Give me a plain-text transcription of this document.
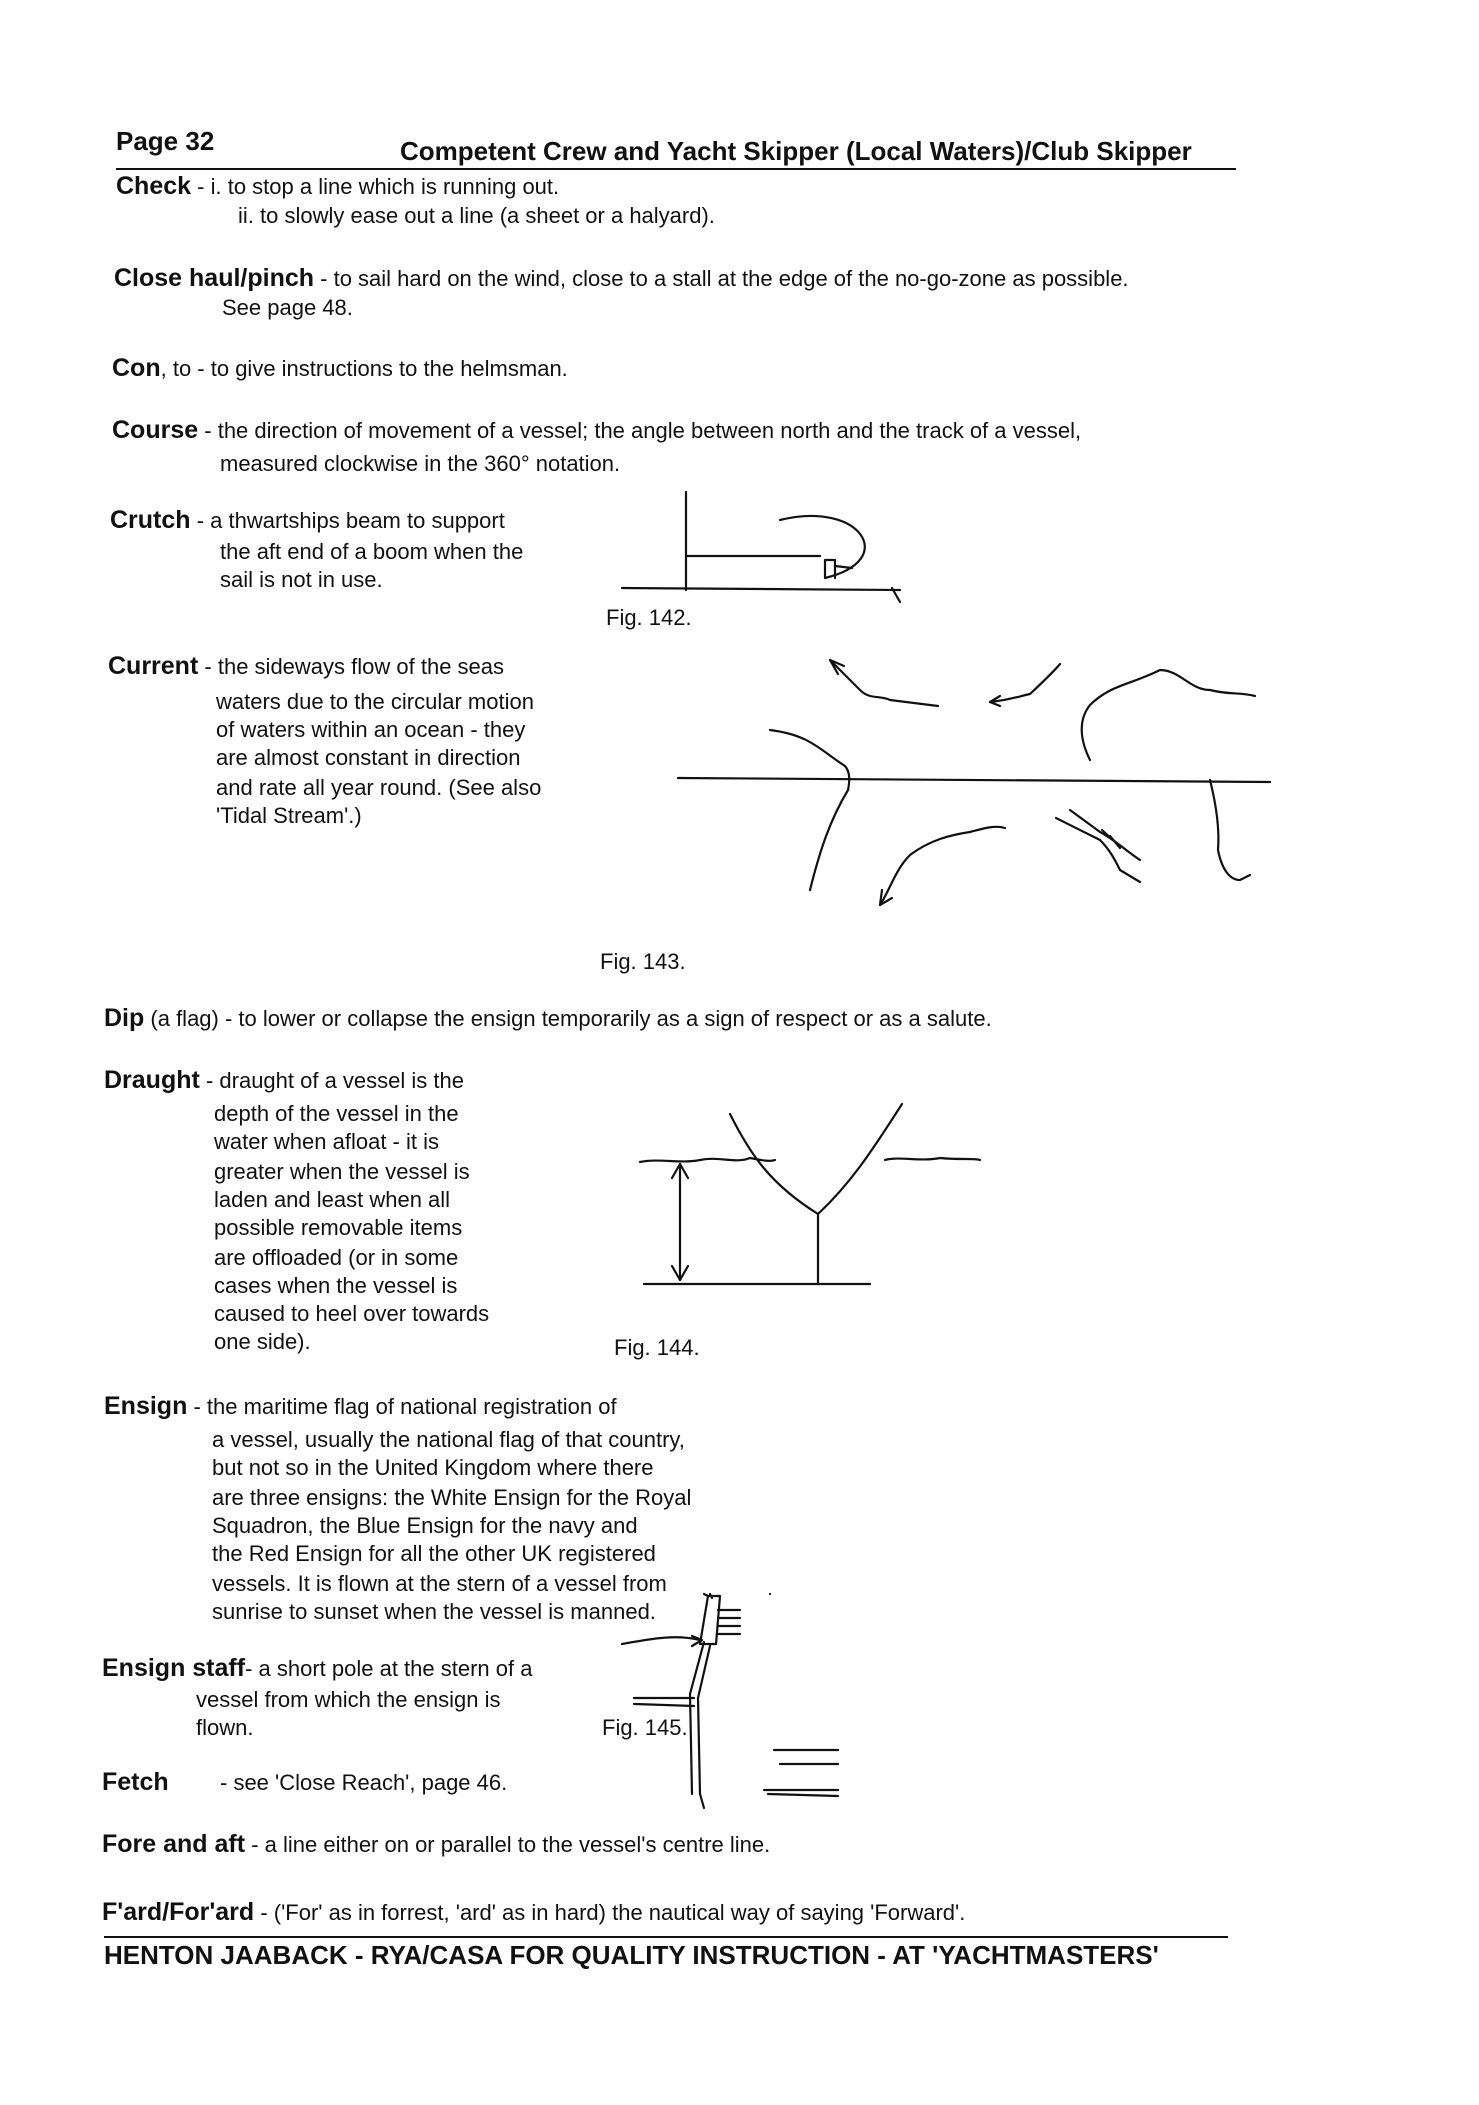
Page 32	Competent Crew and Yacht Skipper (Local Waters)/Club Skipper
Check - i. to stop a line which is running out.
ii. to slowly ease out a line (a sheet or a halyard).
Close haul/pinch - to sail hard on the wind, close to a stall at the edge of the no-go-zone as possible.
See page 48.
Con, to - to give instructions to the helmsman.
Course - the direction of movement of a vessel; the angle between north and the track of a vessel,
measured clockwise in the 360° notation.
Crutch - a thwartships beam to support
the aft end of a boom when the
sail is not in use.
Fig. 142.
Current - the sideways flow of the seas
waters due to the circular motion
of waters within an ocean - they
are almost constant in direction
and rate all year round. (See also
'Tidal Stream'.)
Fig. 143.
Dip (a flag) - to lower or collapse the ensign temporarily as a sign of respect or as a salute.
Draught - draught of a vessel is the
depth of the vessel in the
water when afloat - it is
greater when the vessel is
laden and least when all
possible removable items
are offloaded (or in some
cases when the vessel is
caused to heel over towards
one side).	Fig. 144.
Ensign - the maritime flag of national registration of
a vessel, usually the national flag of that country,
but not so in the United Kingdom where there
are three ensigns: the White Ensign for the Royal
Squadron, the Blue Ensign for the navy and
the Red Ensign for all the other UK registered
vessels. It is flown at the stern of a vessel from
sunrise to sunset when the vessel is manned.
Ensign staff- a short pole at the stern of a
vessel from which the ensign is
flown.	Fig. 145.
Fetch - see 'Close Reach', page 46.
Fore and aft - a line either on or parallel to the vessel's centre line.
F'ard/For'ard - ('For' as in forrest, 'ard' as in hard) the nautical way of saying 'Forward'.
HENTON JAABACK - RYA/CASA FOR QUALITY INSTRUCTION - AT 'YACHTMASTERS'
